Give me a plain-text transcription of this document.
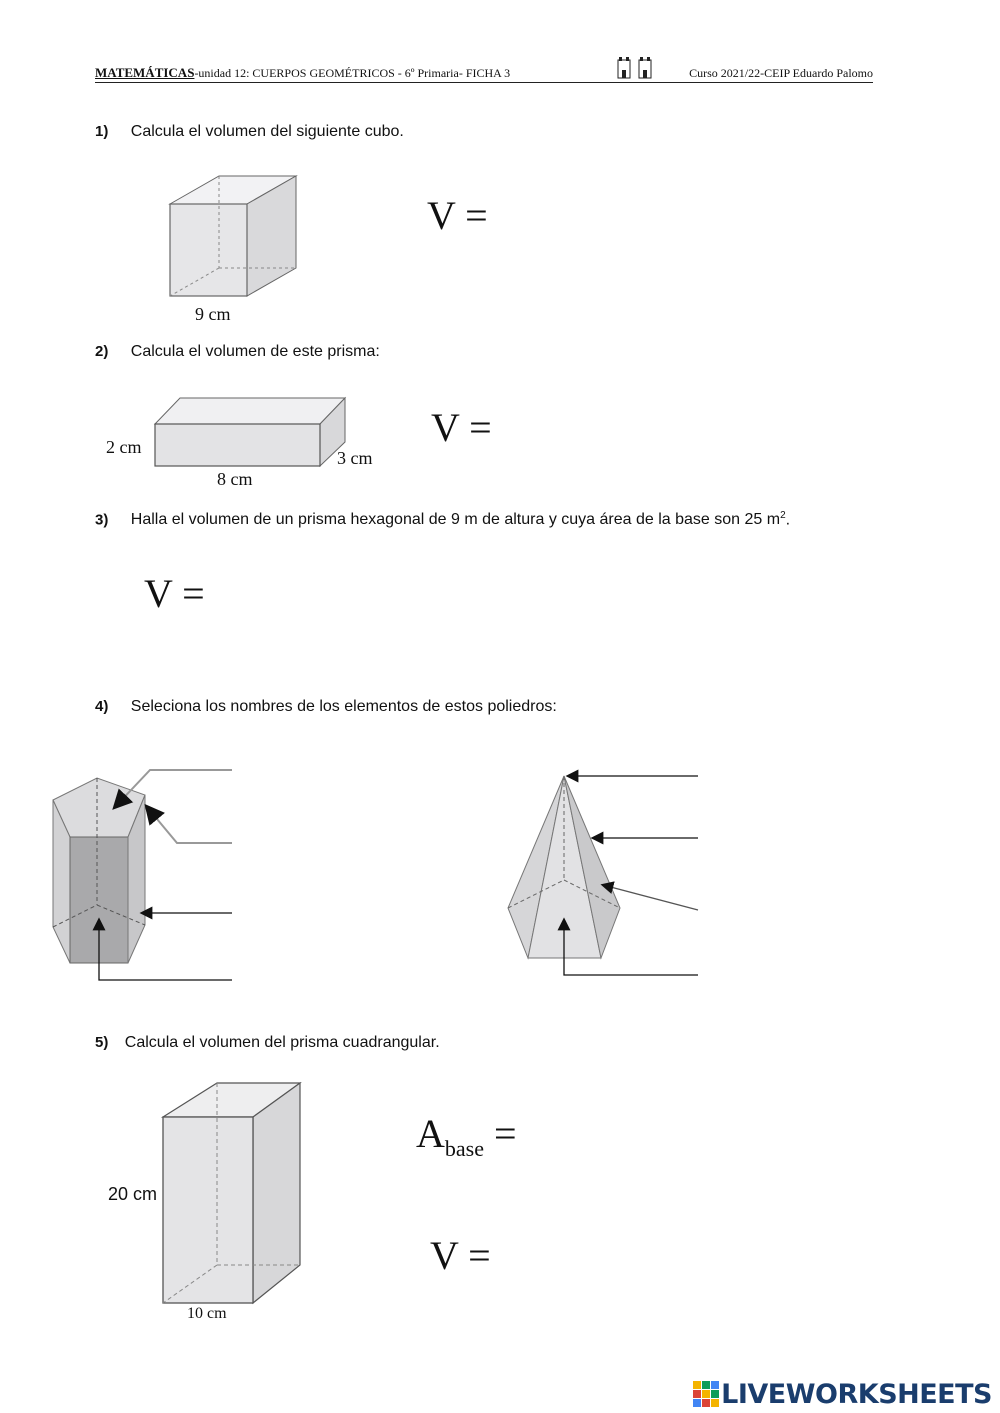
MATEMÁTICAS-unidad 12: CUERPOS GEOMÉTRICOS - 6º Primaria- FICHA 3	Curso 2021/22-CEIP Eduardo Palomo
1) Calcula el volumen del siguiente cubo.
9 cm
V =
2) Calcula el volumen de este prisma:
2 cm
8 cm
3 cm
V =
3) Halla el volumen de un prisma hexagonal de 9 m de altura y cuya área de la base son 25 $m^2$.
V =
4) Seleciona los nombres de los elementos de estos poliedros:
5) Calcula el volumen del prisma cuadrangular.
20 cm
10 cm
$A_{base}$ =
V =
LIVEWORKSHEETS
